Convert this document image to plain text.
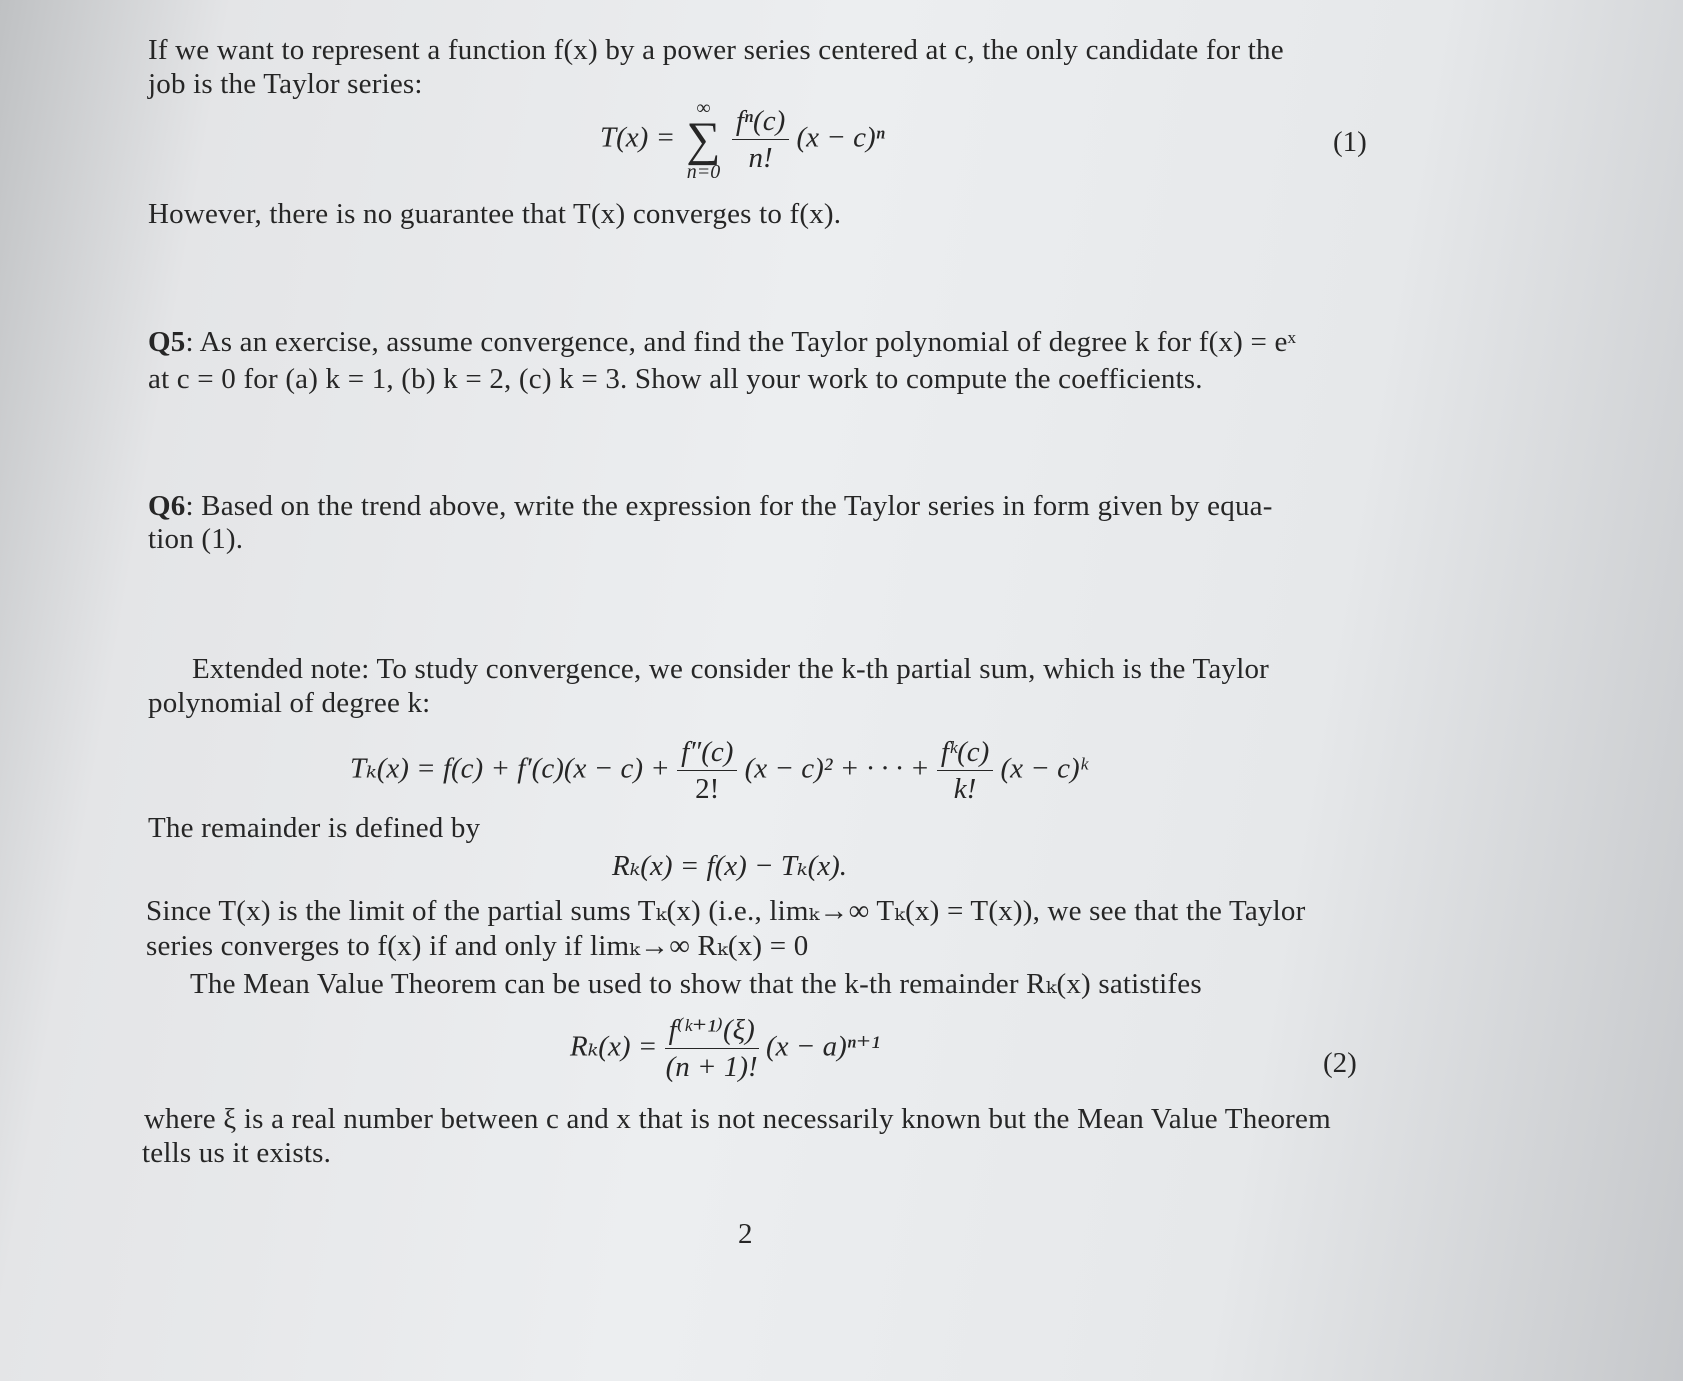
If we want to represent a function f(x) by a power series centered at c, the only candidate for the

job is the Taylor series:

T(x) =
∞
∑
n=0
$\frac{\text{fⁿ(c)}}{n!} (x - c)^n$	(1)

However, there is no guarantee that T(x) converges to f(x).

Q5: As an exercise, assume convergence, and find the Taylor polynomial of degree k for f(x) = eˣ

at c = 0 for (a) k = 1, (b) k = 2, (c) k = 3. Show all your work to compute the coefficients.

Q6: Based on the trend above, write the expression for the Taylor series in form given by equa-

tion (1).

Extended note: To study convergence, we consider the k-th partial sum, which is the Taylor

polynomial of degree k:

$T_k(x) = f(c) + f'(c)(x - c) + \frac{f''(c)}{2!} (x - c)^2$ + · · · + $\frac{\text{fᵏ(c)}}{k!} (x$ − c)ᵏ

The remainder is defined by

Rₖ(x) = f(x) − Tₖ(x).

Since T(x) is the limit of the partial sums Tₖ(x) (i.e., limₖ→∞ Tₖ(x) = T(x)), we see that the Taylor

series converges to f(x) if and only if limₖ→∞ Rₖ(x) = 0

The Mean Value Theorem can be used to show that the k-th remainder Rₖ(x) satistifes

$R_k(x) = \frac{\text{f⁽ᵏ⁺¹⁾(ξ)}}{(n + 1)!} (x - a)^{n+1}$
(2)

where ξ is a real number between c and x that is not necessarily known but the Mean Value Theorem

tells us it exists.

2
